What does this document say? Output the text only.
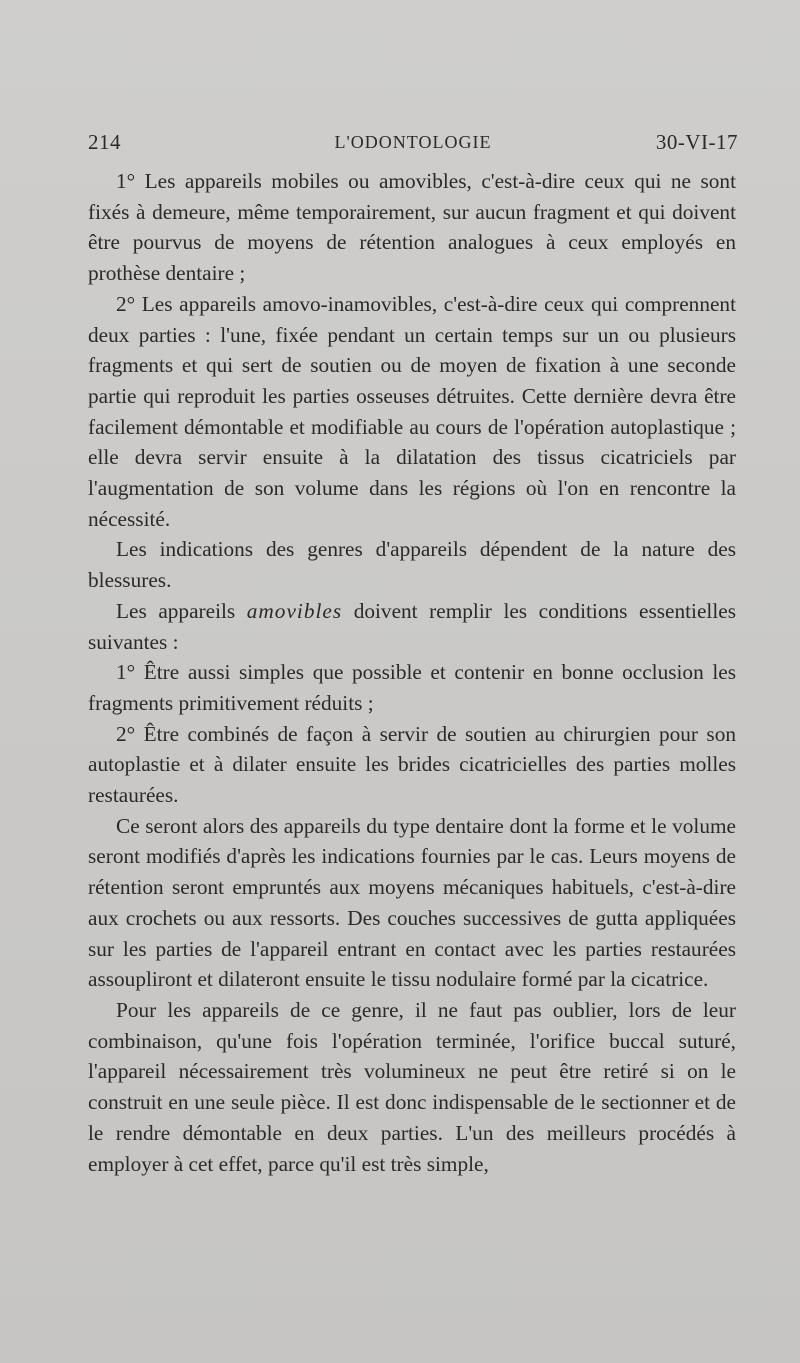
214	L'ODONTOLOGIE	30-VI-17

1° Les appareils mobiles ou amovibles, c'est-à-dire ceux qui ne sont fixés à demeure, même temporairement, sur aucun fragment et qui doivent être pourvus de moyens de rétention analogues à ceux employés en prothèse dentaire ;

2° Les appareils amovo-inamovibles, c'est-à-dire ceux qui comprennent deux parties : l'une, fixée pendant un certain temps sur un ou plusieurs fragments et qui sert de soutien ou de moyen de fixation à une seconde partie qui reproduit les parties osseuses détruites. Cette dernière devra être facilement démontable et modifiable au cours de l'opération autoplastique ; elle devra servir ensuite à la dilatation des tissus cicatriciels par l'augmentation de son volume dans les régions où l'on en rencontre la nécessité.

Les indications des genres d'appareils dépendent de la nature des blessures.

Les appareils amovibles doivent remplir les conditions essentielles suivantes :

1° Être aussi simples que possible et contenir en bonne occlusion les fragments primitivement réduits ;

2° Être combinés de façon à servir de soutien au chirurgien pour son autoplastie et à dilater ensuite les brides cicatricielles des parties molles restaurées.

Ce seront alors des appareils du type dentaire dont la forme et le volume seront modifiés d'après les indications fournies par le cas. Leurs moyens de rétention seront empruntés aux moyens mécaniques habituels, c'est-à-dire aux crochets ou aux ressorts. Des couches successives de gutta appliquées sur les parties de l'appareil entrant en contact avec les parties restaurées assoupliront et dilateront ensuite le tissu nodulaire formé par la cicatrice.

Pour les appareils de ce genre, il ne faut pas oublier, lors de leur combinaison, qu'une fois l'opération terminée, l'orifice buccal suturé, l'appareil nécessairement très volumineux ne peut être retiré si on le construit en une seule pièce. Il est donc indispensable de le sectionner et de le rendre démontable en deux parties. L'un des meilleurs procédés à employer à cet effet, parce qu'il est très simple,
